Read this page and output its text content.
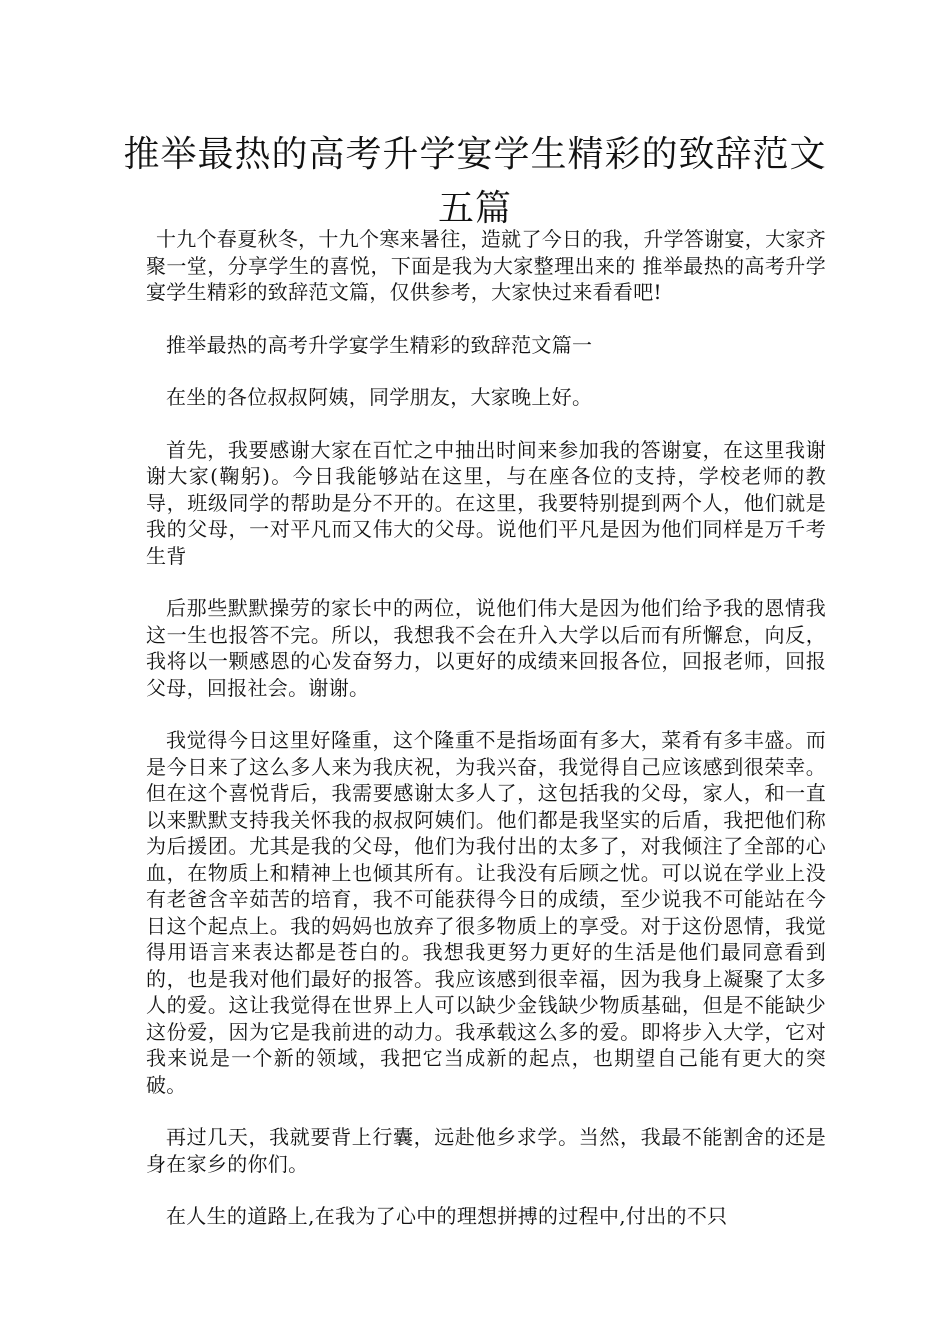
推举最热的高考升学宴学生精彩的致辞范文五篇

十九个春夏秋冬，十九个寒来暑往，造就了今日的我，升学答谢宴，大家齐聚一堂，分享学生的喜悦，下面是我为大家整理出来的 推举最热的高考升学宴学生精彩的致辞范文篇，仅供参考，大家快过来看看吧!

推举最热的高考升学宴学生精彩的致辞范文篇一

在坐的各位叔叔阿姨，同学朋友，大家晚上好。

首先，我要感谢大家在百忙之中抽出时间来参加我的答谢宴，在这里我谢谢大家(鞠躬)。今日我能够站在这里，与在座各位的支持，学校老师的教导，班级同学的帮助是分不开的。在这里，我要特别提到两个人，他们就是我的父母，一对平凡而又伟大的父母。说他们平凡是因为他们同样是万千考生背

后那些默默操劳的家长中的两位，说他们伟大是因为他们给予我的恩情我这一生也报答不完。所以，我想我不会在升入大学以后而有所懈怠，向反，我将以一颗感恩的心发奋努力，以更好的成绩来回报各位，回报老师，回报父母，回报社会。谢谢。

我觉得今日这里好隆重，这个隆重不是指场面有多大，菜肴有多丰盛。而是今日来了这么多人来为我庆祝，为我兴奋，我觉得自己应该感到很荣幸。但在这个喜悦背后，我需要感谢太多人了，这包括我的父母，家人，和一直以来默默支持我关怀我的叔叔阿姨们。他们都是我坚实的后盾，我把他们称为后援团。尤其是我的父母，他们为我付出的太多了，对我倾注了全部的心血，在物质上和精神上也倾其所有。让我没有后顾之忧。可以说在学业上没有老爸含辛茹苦的培育，我不可能获得今日的成绩，至少说我不可能站在今日这个起点上。我的妈妈也放弃了很多物质上的享受。对于这份恩情，我觉得用语言来表达都是苍白的。我想我更努力更好的生活是他们最同意看到的，也是我对他们最好的报答。我应该感到很幸福，因为我身上凝聚了太多人的爱。这让我觉得在世界上人可以缺少金钱缺少物质基础，但是不能缺少这份爱，因为它是我前进的动力。我承载这么多的爱。即将步入大学，它对我来说是一个新的领域，我把它当成新的起点，也期望自己能有更大的突破。

再过几天，我就要背上行囊，远赴他乡求学。当然，我最不能割舍的还是身在家乡的你们。

在人生的道路上,在我为了心中的理想拼搏的过程中,付出的不只
